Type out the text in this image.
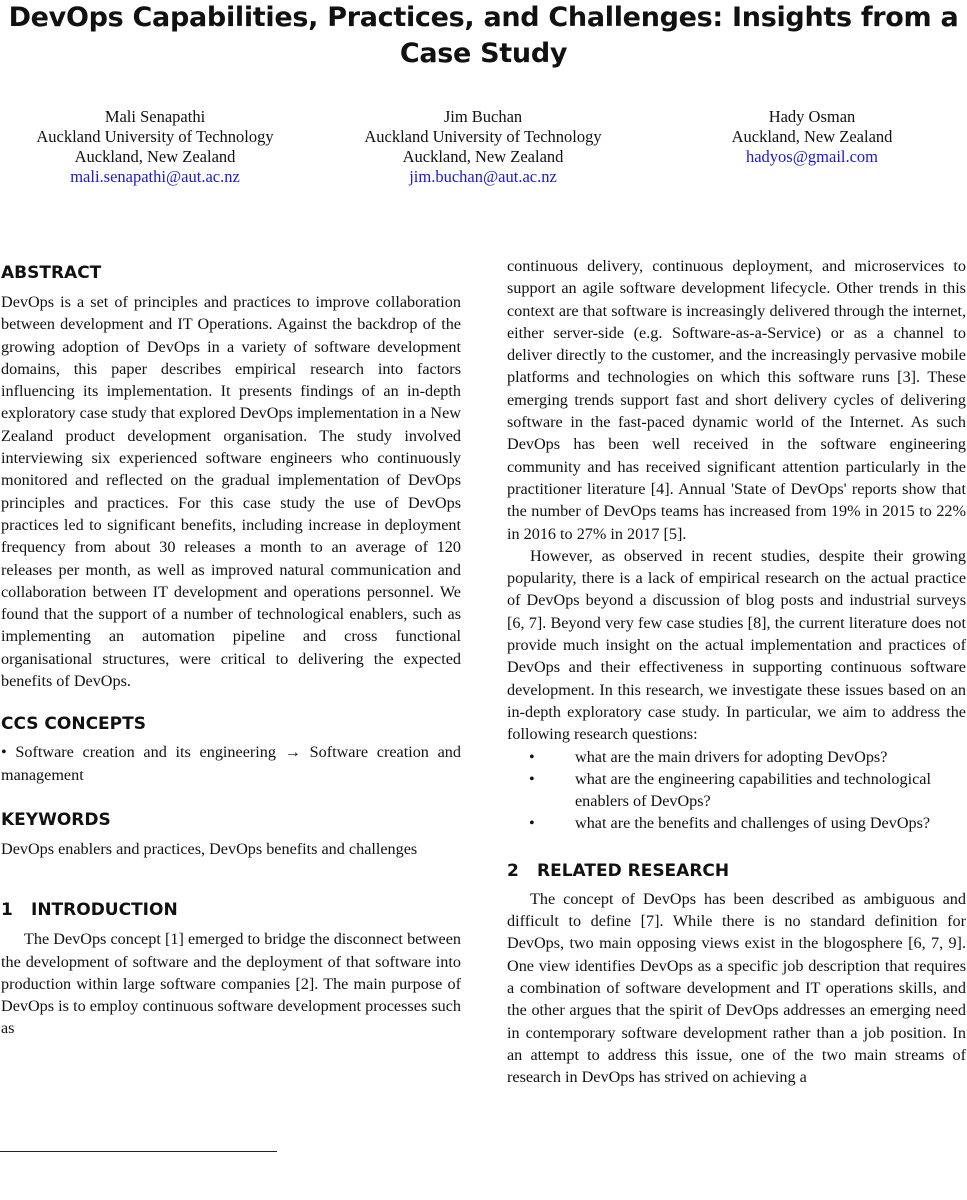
DevOps Capabilities, Practices, and Challenges: Insights from a Case Study
Mali Senapathi
Auckland University of Technology
Auckland, New Zealand
mali.senapathi@aut.ac.nz
Jim Buchan
Auckland University of Technology
Auckland, New Zealand
jim.buchan@aut.ac.nz
Hady Osman
Auckland, New Zealand
hadyos@gmail.com
ABSTRACT

DevOps is a set of principles and practices to improve collaboration between development and IT Operations. Against the backdrop of the growing adoption of DevOps in a variety of software development domains, this paper describes empirical research into factors influencing its implementation. It presents findings of an in-depth exploratory case study that explored DevOps implementation in a New Zealand product development organisation. The study involved interviewing six experienced software engineers who continuously monitored and reflected on the gradual implementation of DevOps principles and practices. For this case study the use of DevOps practices led to significant benefits, including increase in deployment frequency from about 30 releases a month to an average of 120 releases per month, as well as improved natural communication and collaboration between IT development and operations personnel. We found that the support of a number of technological enablers, such as implementing an automation pipeline and cross functional organisational structures, were critical to delivering the expected benefits of DevOps.

CCS CONCEPTS

• Software creation and its engineering → Software creation and management

KEYWORDS

DevOps enablers and practices, DevOps benefits and challenges

1 INTRODUCTION

The DevOps concept [1] emerged to bridge the disconnect between the development of software and the deployment of that software into production within large software companies [2]. The main purpose of DevOps is to employ continuous software development processes such as

continuous delivery, continuous deployment, and microservices to support an agile software development lifecycle. Other trends in this context are that software is increasingly delivered through the internet, either server-side (e.g. Software-as-a-Service) or as a channel to deliver directly to the customer, and the increasingly pervasive mobile platforms and technologies on which this software runs [3]. These emerging trends support fast and short delivery cycles of delivering software in the fast-paced dynamic world of the Internet. As such DevOps has been well received in the software engineering community and has received significant attention particularly in the practitioner literature [4]. Annual 'State of DevOps' reports show that the number of DevOps teams has increased from 19% in 2015 to 22% in 2016 to 27% in 2017 [5].

However, as observed in recent studies, despite their growing popularity, there is a lack of empirical research on the actual practice of DevOps beyond a discussion of blog posts and industrial surveys [6, 7]. Beyond very few case studies [8], the current literature does not provide much insight on the actual implementation and practices of DevOps and their effectiveness in supporting continuous software development. In this research, we investigate these issues based on an in-depth exploratory case study. In particular, we aim to address the following research questions:

• what are the main drivers for adopting DevOps?
• what are the engineering capabilities and technological enablers of DevOps?
• what are the benefits and challenges of using DevOps?
2 RELATED RESEARCH

The concept of DevOps has been described as ambiguous and difficult to define [7]. While there is no standard definition for DevOps, two main opposing views exist in the blogosphere [6, 7, 9]. One view identifies DevOps as a specific job description that requires a combination of software development and IT operations skills, and the other argues that the spirit of DevOps addresses an emerging need in contemporary software development rather than a job position. In an attempt to address this issue, one of the two main streams of research in DevOps has strived on achieving a
